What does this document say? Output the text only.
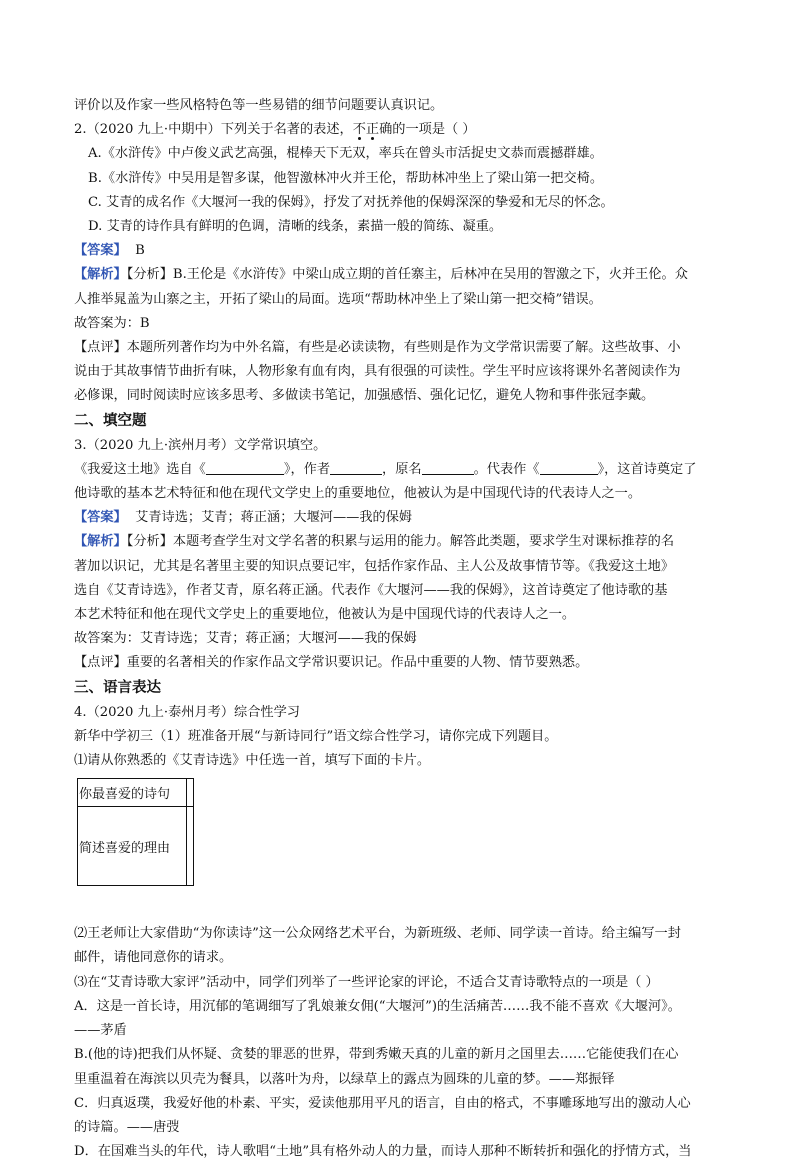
评价以及作家一些风格特色等一些易错的细节问题要认真识记。
2.（2020 九上·中期中）下列关于名著的表述，不正确的一项是（ ）
A.《水浒传》中卢俊义武艺高强，棍棒天下无双，率兵在曾头市活捉史文恭而震撼群雄。
B.《水浒传》中吴用是智多谋，他智激林冲火并王伦，帮助林冲坐上了梁山第一把交椅。
C. 艾青的成名作《大堰河一我的保姆》，抒发了对抚养他的保姆深深的挚爱和无尽的怀念。
D. 艾青的诗作具有鲜明的色调，清晰的线条，素描一般的简练、凝重。
【答案】 B
【解析】【分析】B.王伦是《水浒传》中梁山成立期的首任寨主，后林冲在吴用的智激之下，火并王伦。众
人推举晁盖为山寨之主，开拓了梁山的局面。选项“帮助林冲坐上了梁山第一把交椅”错误。
故答案为：B
【点评】本题所列著作均为中外名篇，有些是必读读物，有些则是作为文学常识需要了解。这些故事、小
说由于其故事情节曲折有味，人物形象有血有肉，具有很强的可读性。学生平时应该将课外名著阅读作为
必修课，同时阅读时应该多思考、多做读书笔记，加强感悟、强化记忆，避免人物和事件张冠李戴。
二、填空题
3.（2020 九上·滨州月考）文学常识填空。
《我爱这土地》选自《	》，作者	，原名	。代表作《	》，这首诗奠定了
他诗歌的基本艺术特征和他在现代文学史上的重要地位，他被认为是中国现代诗的代表诗人之一。
【答案】 艾青诗选；艾青；蒋正涵；大堰河——我的保姆
【解析】【分析】本题考查学生对文学名著的积累与运用的能力。解答此类题，要求学生对课标推荐的名
著加以识记，尤其是名著里主要的知识点要记牢，包括作家作品、主人公及故事情节等。《我爱这土地》
选自《艾青诗选》，作者艾青，原名蒋正涵。代表作《大堰河——我的保姆》，这首诗奠定了他诗歌的基
本艺术特征和他在现代文学史上的重要地位，他被认为是中国现代诗的代表诗人之一。
故答案为：艾青诗选；艾青；蒋正涵；大堰河——我的保姆
【点评】重要的名著相关的作家作品文学常识要识记。作品中重要的人物、情节要熟悉。
三、语言表达
4.（2020 九上·泰州月考）综合性学习
新华中学初三（1）班准备开展“与新诗同行”语文综合性学习，请你完成下列题目。
⑴请从你熟悉的《艾青诗选》中任选一首，填写下面的卡片。
你最喜爱的诗句	
简述喜爱的理由	
⑵王老师让大家借助“为你读诗”这一公众网络艺术平台，为新班级、老师、同学读一首诗。给主编写一封
邮件，请他同意你的请求。
⑶在“艾青诗歌大家评”活动中，同学们列举了一些评论家的评论，不适合艾青诗歌特点的一项是（ ）
A．这是一首长诗，用沉郁的笔调细写了乳娘兼女佣(“大堰河”)的生活痛苦……我不能不喜欢《大堰河》。
——茅盾
B.(他的诗)把我们从怀疑、贪婪的罪恶的世界，带到秀嫩天真的儿童的新月之国里去……它能使我们在心
里重温着在海滨以贝壳为餐具，以落叶为舟，以绿草上的露点为圆珠的儿童的梦。——郑振铎
C．归真返璞，我爱好他的朴素、平实，爱读他那用平凡的语言，自由的格式，不事雕琢地写出的激动人心
的诗篇。——唐弢
D．在国难当头的年代，诗人歌唱“土地”具有格外动人的力量，而诗人那种不断转折和强化的抒情方式，当
